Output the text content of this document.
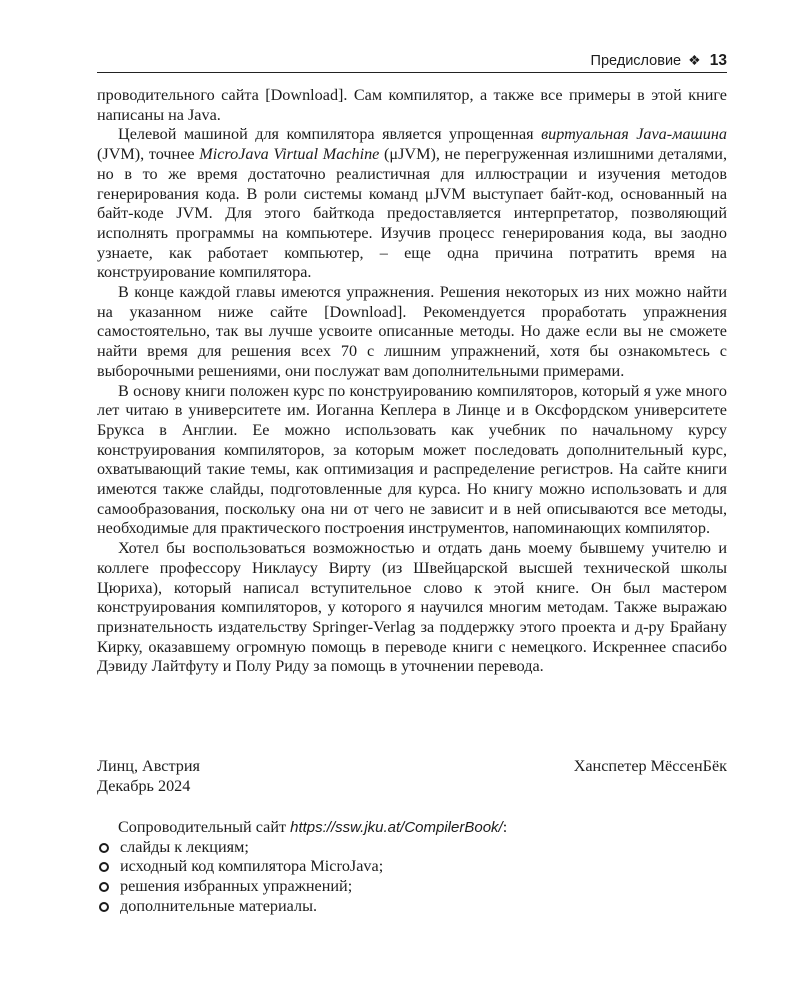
Предисловие ❖ 13

проводительного сайта [Download]. Сам компилятор, а также все примеры в этой книге написаны на Java.

Целевой машиной для компилятора является упрощенная виртуальная Java-машина (JVM), точнее MicroJava Virtual Machine (μJVM), не перегруженная излишними деталями, но в то же время достаточно реалистичная для иллюстрации и изучения методов генерирования кода. В роли системы команд μJVM выступает байт-код, основанный на байт-коде JVM. Для этого байткода предоставляется интерпретатор, позволяющий исполнять программы на компьютере. Изучив процесс генерирования кода, вы заодно узнаете, как работает компьютер, – еще одна причина потратить время на конструирование компилятора.

В конце каждой главы имеются упражнения. Решения некоторых из них можно найти на указанном ниже сайте [Download]. Рекомендуется проработать упражнения самостоятельно, так вы лучше усвоите описанные методы. Но даже если вы не сможете найти время для решения всех 70 с лишним упражнений, хотя бы ознакомьтесь с выборочными решениями, они послужат вам дополнительными примерами.

В основу книги положен курс по конструированию компиляторов, который я уже много лет читаю в университете им. Иоганна Кеплера в Линце и в Оксфордском университете Брукса в Англии. Ее можно использовать как учебник по начальному курсу конструирования компиляторов, за которым может последовать дополнительный курс, охватывающий такие темы, как оптимизация и распределение регистров. На сайте книги имеются также слайды, подготовленные для курса. Но книгу можно использовать и для самообразования, поскольку она ни от чего не зависит и в ней описываются все методы, необходимые для практического построения инструментов, напоминающих компилятор.

Хотел бы воспользоваться возможностью и отдать дань моему бывшему учителю и коллеге профессору Никлаусу Вирту (из Швейцарской высшей технической школы Цюриха), который написал вступительное слово к этой книге. Он был мастером конструирования компиляторов, у которого я научился многим методам. Также выражаю признательность издательству Springer-Verlag за поддержку этого проекта и д-ру Брайану Кирку, оказавшему огромную помощь в переводе книги с немецкого. Искреннее спасибо Дэвиду Лайтфуту и Полу Риду за помощь в уточнении перевода.

Линц, Австрия	Ханспетер МёссенБёк
Декабрь 2024
Сопроводительный сайт https://ssw.jku.at/CompilerBook/:
слайды к лекциям;
исходный код компилятора MicroJava;
решения избранных упражнений;
дополнительные материалы.
